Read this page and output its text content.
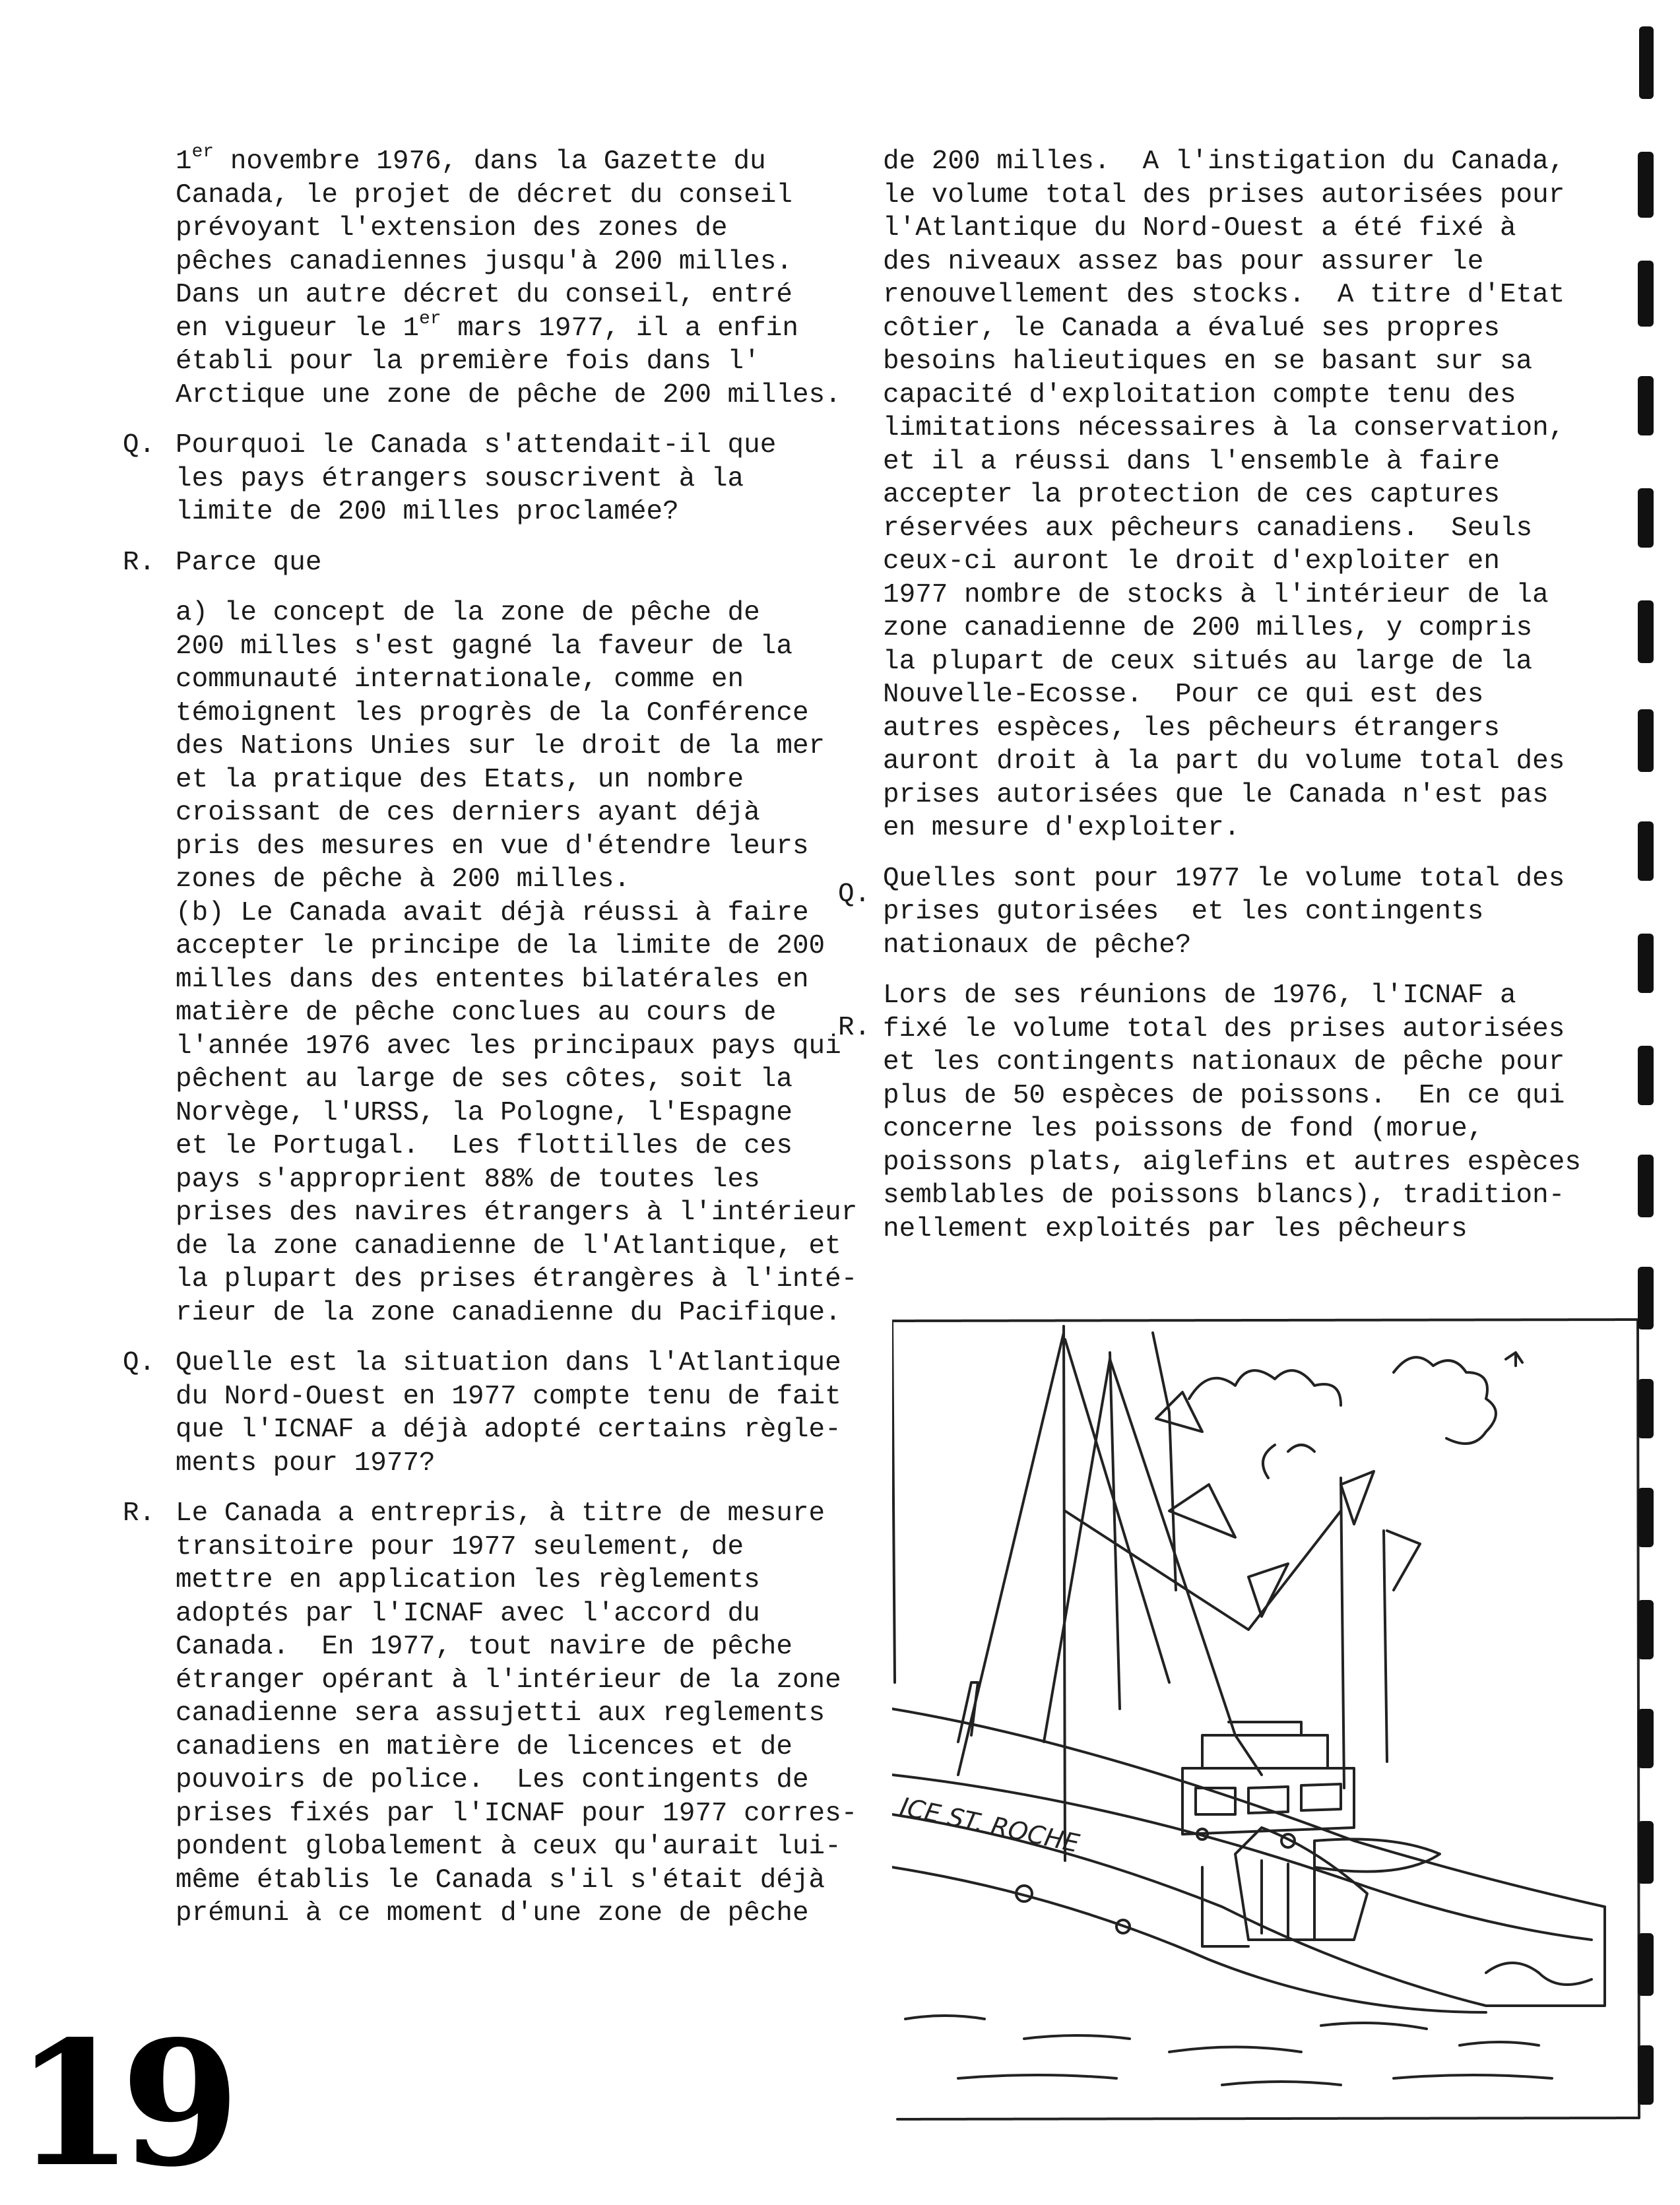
1er novembre 1976, dans la Gazette du
Canada, le projet de décret du conseil
prévoyant l'extension des zones de
pêches canadiennes jusqu'à 200 milles.
Dans un autre décret du conseil, entré
en vigueur le 1er mars 1977, il a enfin
établi pour la première fois dans l'
Arctique une zone de pêche de 200 milles.
Q. Pourquoi le Canada s'attendait-il que
les pays étrangers souscrivent à la
limite de 200 milles proclamée?
R. Parce que
a) le concept de la zone de pêche de
200 milles s'est gagné la faveur de la
communauté internationale, comme en
témoignent les progrès de la Conférence
des Nations Unies sur le droit de la mer
et la pratique des Etats, un nombre
croissant de ces derniers ayant déjà
pris des mesures en vue d'étendre leurs
zones de pêche à 200 milles.
(b) Le Canada avait déjà réussi à faire
accepter le principe de la limite de 200
milles dans des ententes bilatérales en
matière de pêche conclues au cours de
l'année 1976 avec les principaux pays qui
pêchent au large de ses côtes, soit la
Norvège, l'URSS, la Pologne, l'Espagne
et le Portugal.  Les flottilles de ces
pays s'approprient 88% de toutes les
prises des navires étrangers à l'intérieur
de la zone canadienne de l'Atlantique, et
la plupart des prises étrangères à l'inté-
rieur de la zone canadienne du Pacifique.
Q. Quelle est la situation dans l'Atlantique
du Nord-Ouest en 1977 compte tenu de fait
que l'ICNAF a déjà adopté certains règle-
ments pour 1977?
R. Le Canada a entrepris, à titre de mesure
transitoire pour 1977 seulement, de
mettre en application les règlements
adoptés par l'ICNAF avec l'accord du
Canada.  En 1977, tout navire de pêche
étranger opérant à l'intérieur de la zone
canadienne sera assujetti aux reglements
canadiens en matière de licences et de
pouvoirs de police.  Les contingents de
prises fixés par l'ICNAF pour 1977 corres-
pondent globalement à ceux qu'aurait lui-
même établis le Canada s'il s'était déjà
prémuni à ce moment d'une zone de pêche
de 200 milles.  A l'instigation du Canada,
le volume total des prises autorisées pour
l'Atlantique du Nord-Ouest a été fixé à
des niveaux assez bas pour assurer le
renouvellement des stocks.  A titre d'Etat
côtier, le Canada a évalué ses propres
besoins halieutiques en se basant sur sa
capacité d'exploitation compte tenu des
limitations nécessaires à la conservation,
et il a réussi dans l'ensemble à faire
accepter la protection de ces captures
réservées aux pêcheurs canadiens.  Seuls
ceux-ci auront le droit d'exploiter en
1977 nombre de stocks à l'intérieur de la
zone canadienne de 200 milles, y compris
la plupart de ceux situés au large de la
Nouvelle-Ecosse.  Pour ce qui est des
autres espèces, les pêcheurs étrangers
auront droit à la part du volume total des
prises autorisées que le Canada n'est pas
en mesure d'exploiter.
Quelles sont pour 1977 le volume total des
prises gutorisées  et les contingents
nationaux de pêche?
Lors de ses réunions de 1976, l'ICNAF a
fixé le volume total des prises autorisées
et les contingents nationaux de pêche pour
plus de 50 espèces de poissons.  En ce qui
concerne les poissons de fond (morue,
poissons plats, aiglefins et autres espèces
semblables de poissons blancs), tradition-
nellement exploités par les pêcheurs
Q.
R.
ICE ST. ROCHE
19
